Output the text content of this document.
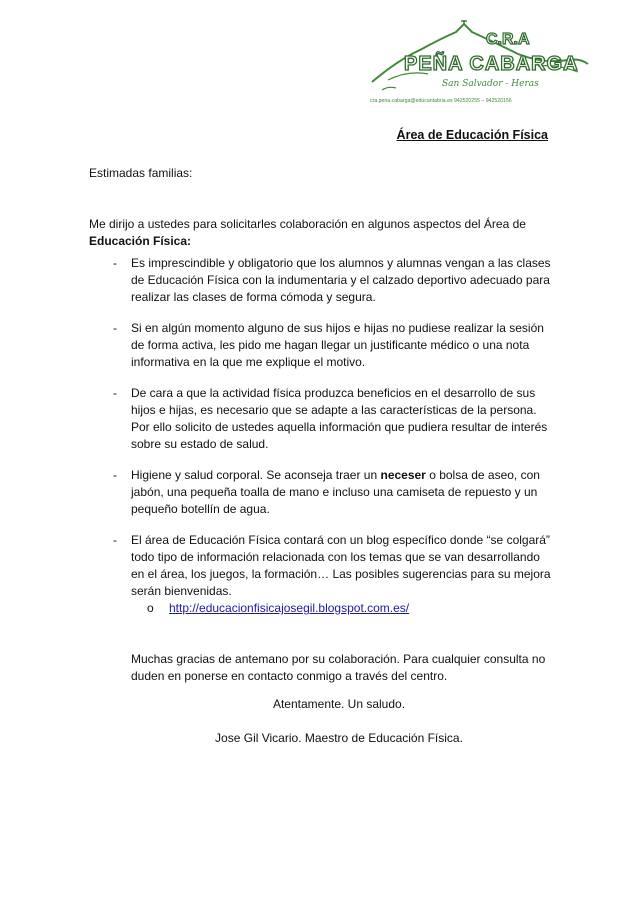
C.R.A
PEÑA CABARGA
San Salvador - Heras
cra.pena.cabarga@educantabria.es 942520255 – 942520156
Área de Educación Física
Estimadas familias:
Me dirijo a ustedes para solicitarles colaboración en algunos aspectos del Área de Educación Física:
- Es imprescindible y obligatorio que los alumnos y alumnas vengan a las clases de Educación Física con la indumentaria y el calzado deportivo adecuado para realizar las clases de forma cómoda y segura.
- Si en algún momento alguno de sus hijos e hijas no pudiese realizar la sesión de forma activa, les pido me hagan llegar un justificante médico o una nota informativa en la que me explique el motivo.
- De cara a que la actividad física produzca beneficios en el desarrollo de sus hijos e hijas, es necesario que se adapte a las características de la persona. Por ello solicito de ustedes aquella información que pudiera resultar de interés sobre su estado de salud.
- Higiene y salud corporal. Se aconseja traer un neceser o bolsa de aseo, con jabón, una pequeña toalla de mano e incluso una camiseta de repuesto y un pequeño botellín de agua.
- El área de Educación Física contará con un blog específico donde “se colgará” todo tipo de información relacionada con los temas que se van desarrollando en el área, los juegos, la formación… Las posibles sugerencias para su mejora serán bienvenidas.
o http://educacionfisicajosegil.blogspot.com.es/
Muchas gracias de antemano por su colaboración. Para cualquier consulta no duden en ponerse en contacto conmigo a través del centro.
Atentamente. Un saludo.
Jose Gil Vicario. Maestro de Educación Física.
